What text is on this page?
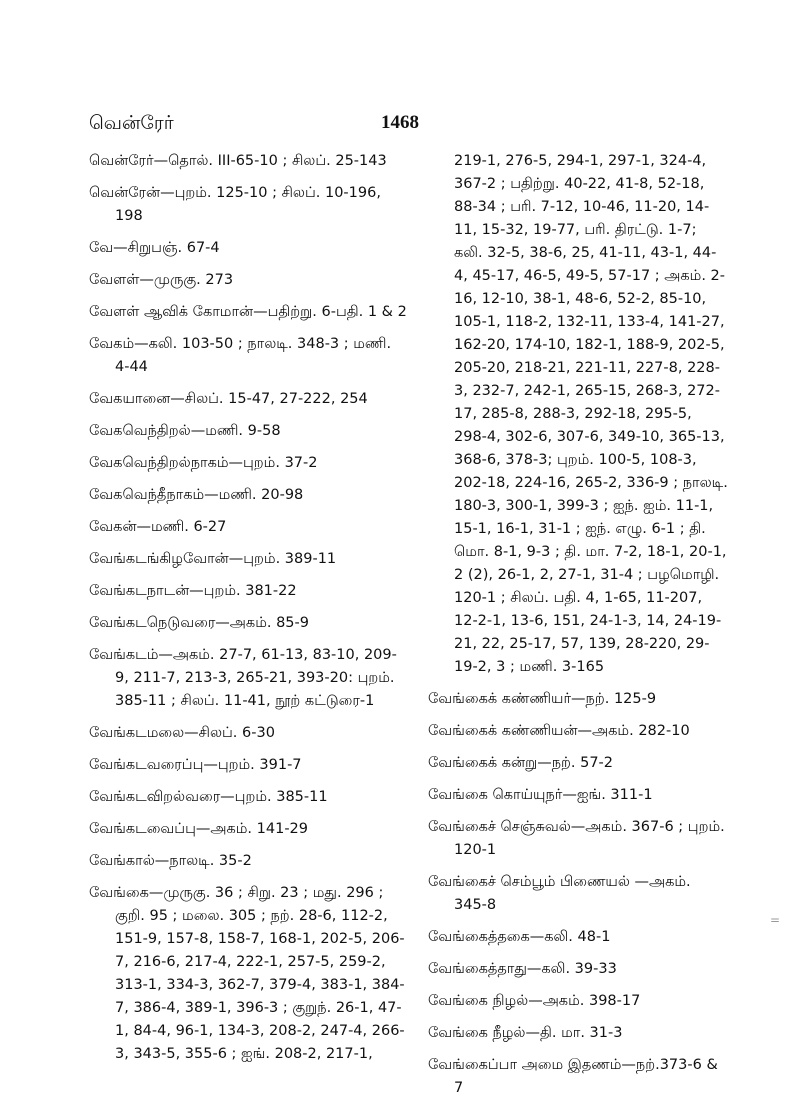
வென்ரேர்	1468
வென்ரேர்—தொல். III-65-10 ; சிலப். 25-143
வென்ரேன்—புறம். 125-10 ; சிலப். 10-196, 198
வே—சிறுபஞ். 67-4
வேளள்—முருகு. 273
வேளள் ஆவிக் கோமான்—பதிற்று. 6-பதி. 1 & 2
வேகம்—கலி. 103-50 ; நாலடி. 348-3 ; மணி. 4-44
வேகயானை—சிலப். 15-47, 27-222, 254
வேகவெந்திறல்—மணி. 9-58
வேகவெந்திறல்நாகம்—புறம். 37-2
வேகவெந்தீநாகம்—மணி. 20-98
வேகன்—மணி. 6-27
வேங்கடங்கிழவோன்—புறம். 389-11
வேங்கடநாடன்—புறம். 381-22
வேங்கடநெடுவரை—அகம். 85-9
வேங்கடம்—அகம். 27-7, 61-13, 83-10, 209-9, 211-7, 213-3, 265-21, 393-20: புறம். 385-11 ; சிலப். 11-41, நூற் கட்டுரை-1
வேங்கடமலை—சிலப். 6-30
வேங்கடவரைப்பு—புறம். 391-7
வேங்கடவிறல்வரை—புறம். 385-11
வேங்கடவைப்பு—அகம். 141-29
வேங்கால்—நாலடி. 35-2
வேங்கை—முருகு. 36 ; சிறு. 23 ; மது. 296 ; குறி. 95 ; மலை. 305 ; நற். 28-6, 112-2, 151-9, 157-8, 158-7, 168-1, 202-5, 206-7, 216-6, 217-4, 222-1, 257-5, 259-2, 313-1, 334-3, 362-7, 379-4, 383-1, 384-7, 386-4, 389-1, 396-3 ; குறுந். 26-1, 47-1, 84-4, 96-1, 134-3, 208-2, 247-4, 266-3, 343-5, 355-6 ; ஐங். 208-2, 217-1,
219-1, 276-5, 294-1, 297-1, 324-4, 367-2 ; பதிற்று. 40-22, 41-8, 52-18, 88-34 ; பரி. 7-12, 10-46, 11-20, 14-11, 15-32, 19-77, பரி. திரட்டு. 1-7; கலி. 32-5, 38-6, 25, 41-11, 43-1, 44-4, 45-17, 46-5, 49-5, 57-17 ; அகம். 2-16, 12-10, 38-1, 48-6, 52-2, 85-10, 105-1, 118-2, 132-11, 133-4, 141-27, 162-20, 174-10, 182-1, 188-9, 202-5, 205-20, 218-21, 221-11, 227-8, 228-3, 232-7, 242-1, 265-15, 268-3, 272-17, 285-8, 288-3, 292-18, 295-5, 298-4, 302-6, 307-6, 349-10, 365-13, 368-6, 378-3; புறம். 100-5, 108-3, 202-18, 224-16, 265-2, 336-9 ; நாலடி. 180-3, 300-1, 399-3 ; ஐந். ஐம். 11-1, 15-1, 16-1, 31-1 ; ஐந். எழு. 6-1 ; தி. மொ. 8-1, 9-3 ; தி. மா. 7-2, 18-1, 20-1, 2 (2), 26-1, 2, 27-1, 31-4 ; பழமொழி. 120-1 ; சிலப். பதி. 4, 1-65, 11-207, 12-2-1, 13-6, 151, 24-1-3, 14, 24-19-21, 22, 25-17, 57, 139, 28-220, 29-19-2, 3 ; மணி. 3-165
வேங்கைக் கண்ணியர்—நற். 125-9
வேங்கைக் கண்ணியன்—அகம். 282-10
வேங்கைக் கன்று—நற். 57-2
வேங்கை கொய்யுநர்—ஐங். 311-1
வேங்கைச் செஞ்சுவல்—அகம். 367-6 ; புறம். 120-1
வேங்கைச் செம்பூம் பிணையல் —அகம். 345-8
வேங்கைத்தகை—கலி. 48-1
வேங்கைத்தாது—கலி. 39-33
வேங்கை நிழல்—அகம். 398-17
வேங்கை நீழல்—தி. மா. 31-3
வேங்கைப்பா அமை இதணம்—நற்.373-6 & 7
=
